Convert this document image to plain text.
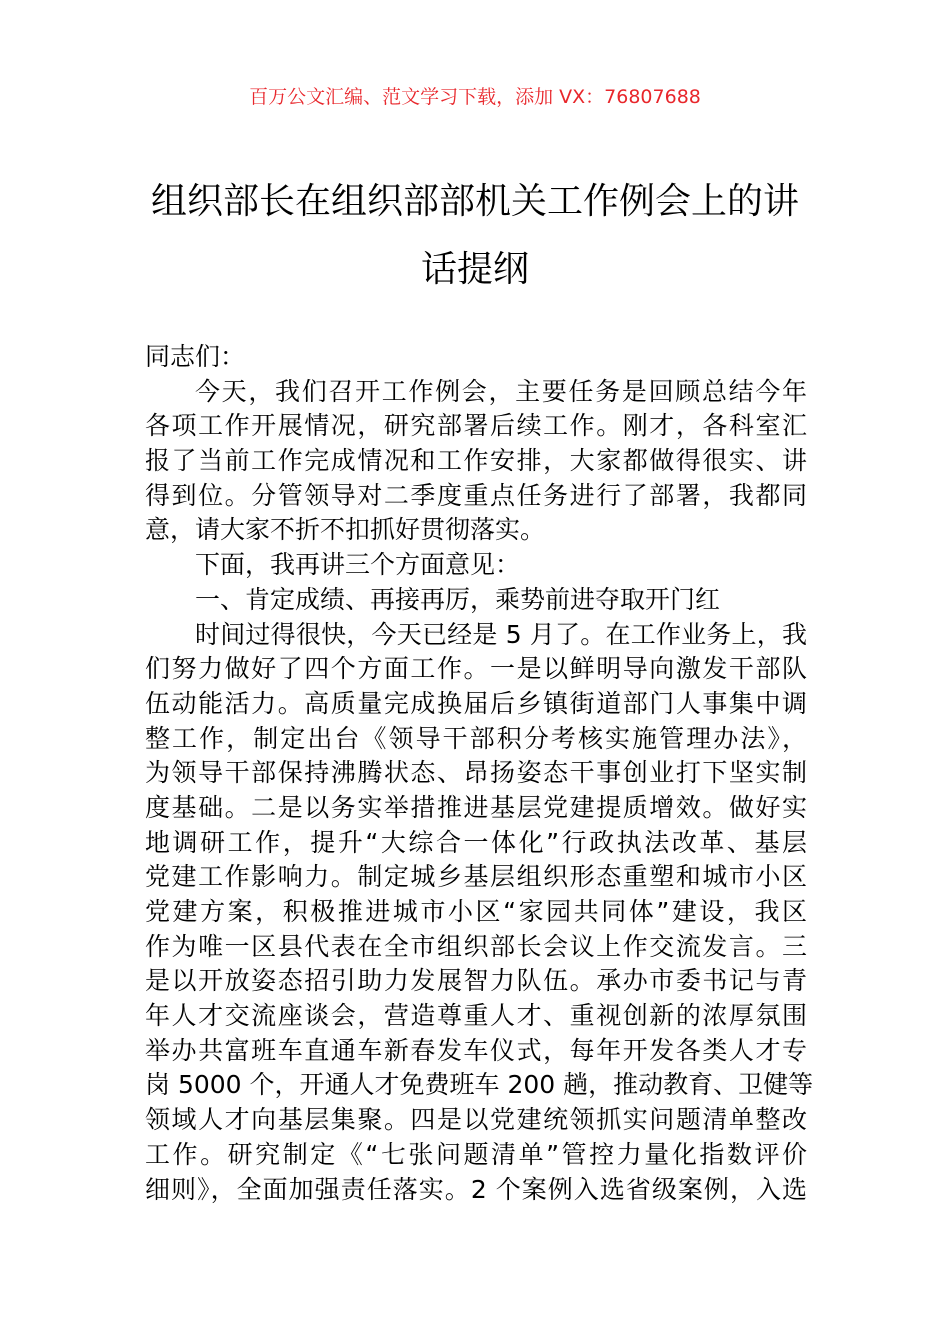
百万公文汇编、范文学习下载，添加 VX：76807688
组织部长在组织部部机关工作例会上的讲
话提纲
同志们：
今天，我们召开工作例会，主要任务是回顾总结今年
各项工作开展情况，研究部署后续工作。刚才，各科室汇
报了当前工作完成情况和工作安排，大家都做得很实、讲
得到位。分管领导对二季度重点任务进行了部署，我都同
意，请大家不折不扣抓好贯彻落实。
下面，我再讲三个方面意见：
一、肯定成绩、再接再厉，乘势前进夺取开门红
时间过得很快，今天已经是 5 月了。在工作业务上，我
们努力做好了四个方面工作。一是以鲜明导向激发干部队
伍动能活力。高质量完成换届后乡镇街道部门人事集中调
整工作，制定出台《领导干部积分考核实施管理办法》，
为领导干部保持沸腾状态、昂扬姿态干事创业打下坚实制
度基础。二是以务实举措推进基层党建提质增效。做好实
地调研工作，提升“大综合一体化”行政执法改革、基层
党建工作影响力。制定城乡基层组织形态重塑和城市小区
党建方案，积极推进城市小区“家园共同体”建设，我区
作为唯一区县代表在全市组织部长会议上作交流发言。三
是以开放姿态招引助力发展智力队伍。承办市委书记与青
年人才交流座谈会，营造尊重人才、重视创新的浓厚氛围
举办共富班车直通车新春发车仪式，每年开发各类人才专
岗 5000 个，开通人才免费班车 200 趟，推动教育、卫健等
领域人才向基层集聚。四是以党建统领抓实问题清单整改
工作。研究制定《“七张问题清单”管控力量化指数评价
细则》，全面加强责任落实。2 个案例入选省级案例，入选
